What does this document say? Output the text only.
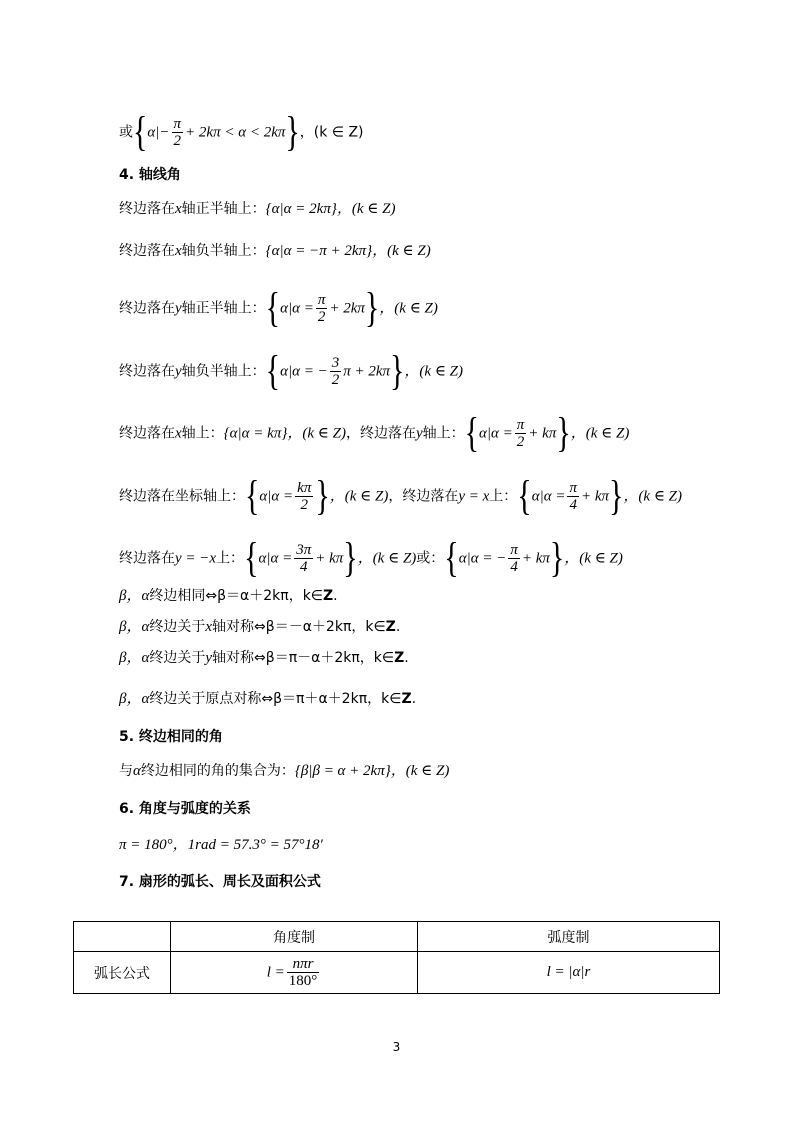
或$\{\alpha|- \frac{\pi}{2} + 2k\pi < \alpha < 2k\pi\}$，(k ∈ Z)
4. 轴线角
终边落在x轴正半轴上：{α|α = 2kπ}，(k ∈ Z)
终边落在x轴负半轴上：{α|α = −π + 2kπ}，(k ∈ Z)
终边落在y轴正半轴上：$\{\alpha|\alpha = \frac{\pi}{2} + 2k\pi\}$，(k ∈ Z)
终边落在y轴负半轴上：{α|α = − $\frac{3}{2}$ π + 2kπ}，(k ∈ Z)
终边落在x轴上：{α|α = kπ}，(k ∈ Z)，终边落在y轴上：$\{\alpha|\alpha = \frac{\pi}{2} + k\pi\}$，(k ∈ Z)
终边落在坐标轴上：{$\alpha|\alpha = \frac{k\pi}{2}$ }，(k ∈ Z)，终边落在y = x上：$\{\alpha|\alpha = \frac{\pi}{4} + k\pi\}$，(k ∈ Z)
终边落在y = −x上：$\{\alpha|\alpha = \frac{3\pi}{4} + k\pi\}$，(k ∈ Z)或：{α|α = − $\frac{\pi}{4} + k\pi$}，(k ∈ Z)
β，α终边相同⇔β＝α＋2kπ，k∈Z.
β，α终边关于x轴对称⇔β＝－α＋2kπ，k∈Z.
β，α终边关于y轴对称⇔β＝π－α＋2kπ，k∈Z.
β，α终边关于原点对称⇔β＝π＋α＋2kπ，k∈Z.
5. 终边相同的角
与α终边相同的角的集合为：{β|β = α + 2kπ}，(k ∈ Z)
6. 角度与弧度的关系
π = 180°，1rad = 57.3° = 57°18′
7. 扇形的弧长、周长及面积公式
	角度制	弧度制
弧长公式	$l = \frac{\text{nπr}}{180^\circ}$	l = |α|r
3
